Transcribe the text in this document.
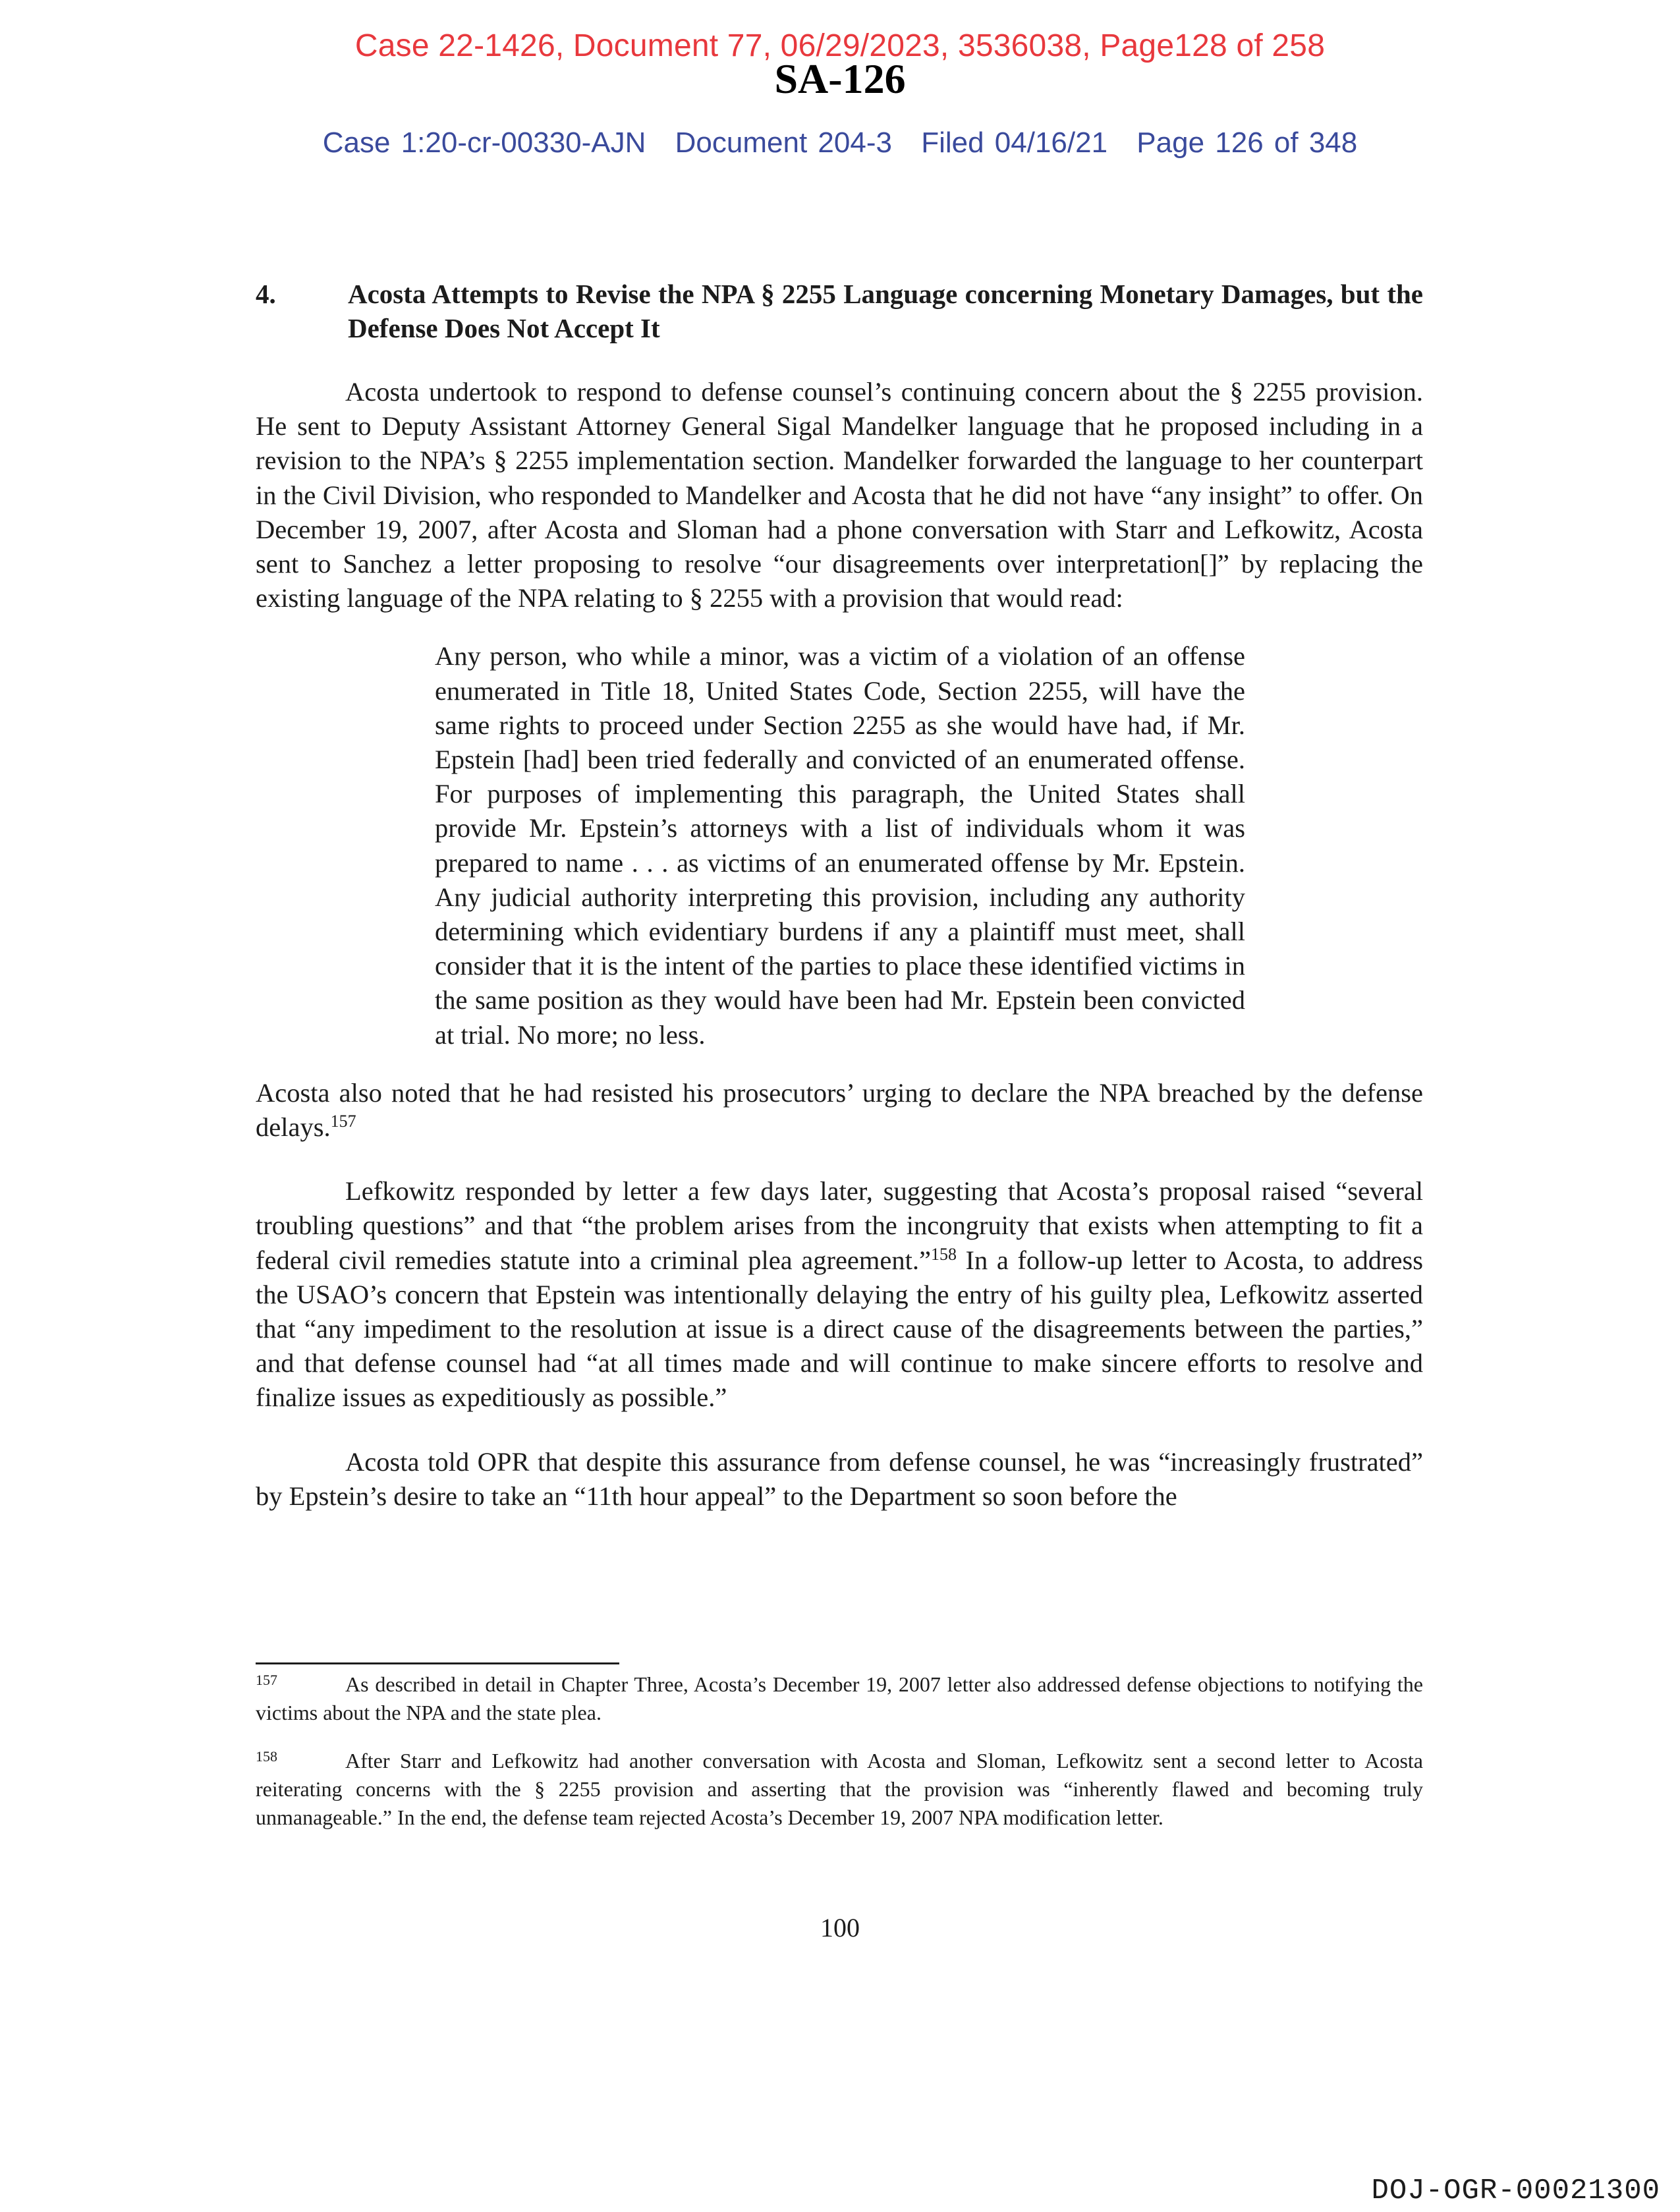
Case 22-1426, Document 77, 06/29/2023, 3536038, Page128 of 258
SA-126
Case 1:20-cr-00330-AJN Document 204-3 Filed 04/16/21 Page 126 of 348
4.	Acosta Attempts to Revise the NPA § 2255 Language concerning Monetary Damages, but the Defense Does Not Accept It

Acosta undertook to respond to defense counsel’s continuing concern about the § 2255 provision. He sent to Deputy Assistant Attorney General Sigal Mandelker language that he proposed including in a revision to the NPA’s § 2255 implementation section. Mandelker forwarded the language to her counterpart in the Civil Division, who responded to Mandelker and Acosta that he did not have “any insight” to offer. On December 19, 2007, after Acosta and Sloman had a phone conversation with Starr and Lefkowitz, Acosta sent to Sanchez a letter proposing to resolve “our disagreements over interpretation[]” by replacing the existing language of the NPA relating to § 2255 with a provision that would read:

Any person, who while a minor, was a victim of a violation of an offense enumerated in Title 18, United States Code, Section 2255, will have the same rights to proceed under Section 2255 as she would have had, if Mr. Epstein [had] been tried federally and convicted of an enumerated offense. For purposes of implementing this paragraph, the United States shall provide Mr. Epstein’s attorneys with a list of individuals whom it was prepared to name . . . as victims of an enumerated offense by Mr. Epstein. Any judicial authority interpreting this provision, including any authority determining which evidentiary burdens if any a plaintiff must meet, shall consider that it is the intent of the parties to place these identified victims in the same position as they would have been had Mr. Epstein been convicted at trial. No more; no less.

Acosta also noted that he had resisted his prosecutors’ urging to declare the NPA breached by the defense delays.$^{157}$

Lefkowitz responded by letter a few days later, suggesting that Acosta’s proposal raised “several troubling questions” and that “the problem arises from the incongruity that exists when attempting to fit a federal civil remedies statute into a criminal plea agreement.”$^{158}$ In a follow-up letter to Acosta, to address the USAO’s concern that Epstein was intentionally delaying the entry of his guilty plea, Lefkowitz asserted that “any impediment to the resolution at issue is a direct cause of the disagreements between the parties,” and that defense counsel had “at all times made and will continue to make sincere efforts to resolve and finalize issues as expeditiously as possible.”

Acosta told OPR that despite this assurance from defense counsel, he was “increasingly frustrated” by Epstein’s desire to take an “11th hour appeal” to the Department so soon before the

157	As described in detail in Chapter Three, Acosta’s December 19, 2007 letter also addressed defense objections to notifying the victims about the NPA and the state plea.
158	After Starr and Lefkowitz had another conversation with Acosta and Sloman, Lefkowitz sent a second letter to Acosta reiterating concerns with the § 2255 provision and asserting that the provision was “inherently flawed and becoming truly unmanageable.” In the end, the defense team rejected Acosta’s December 19, 2007 NPA modification letter.
100
DOJ-OGR-00021300
